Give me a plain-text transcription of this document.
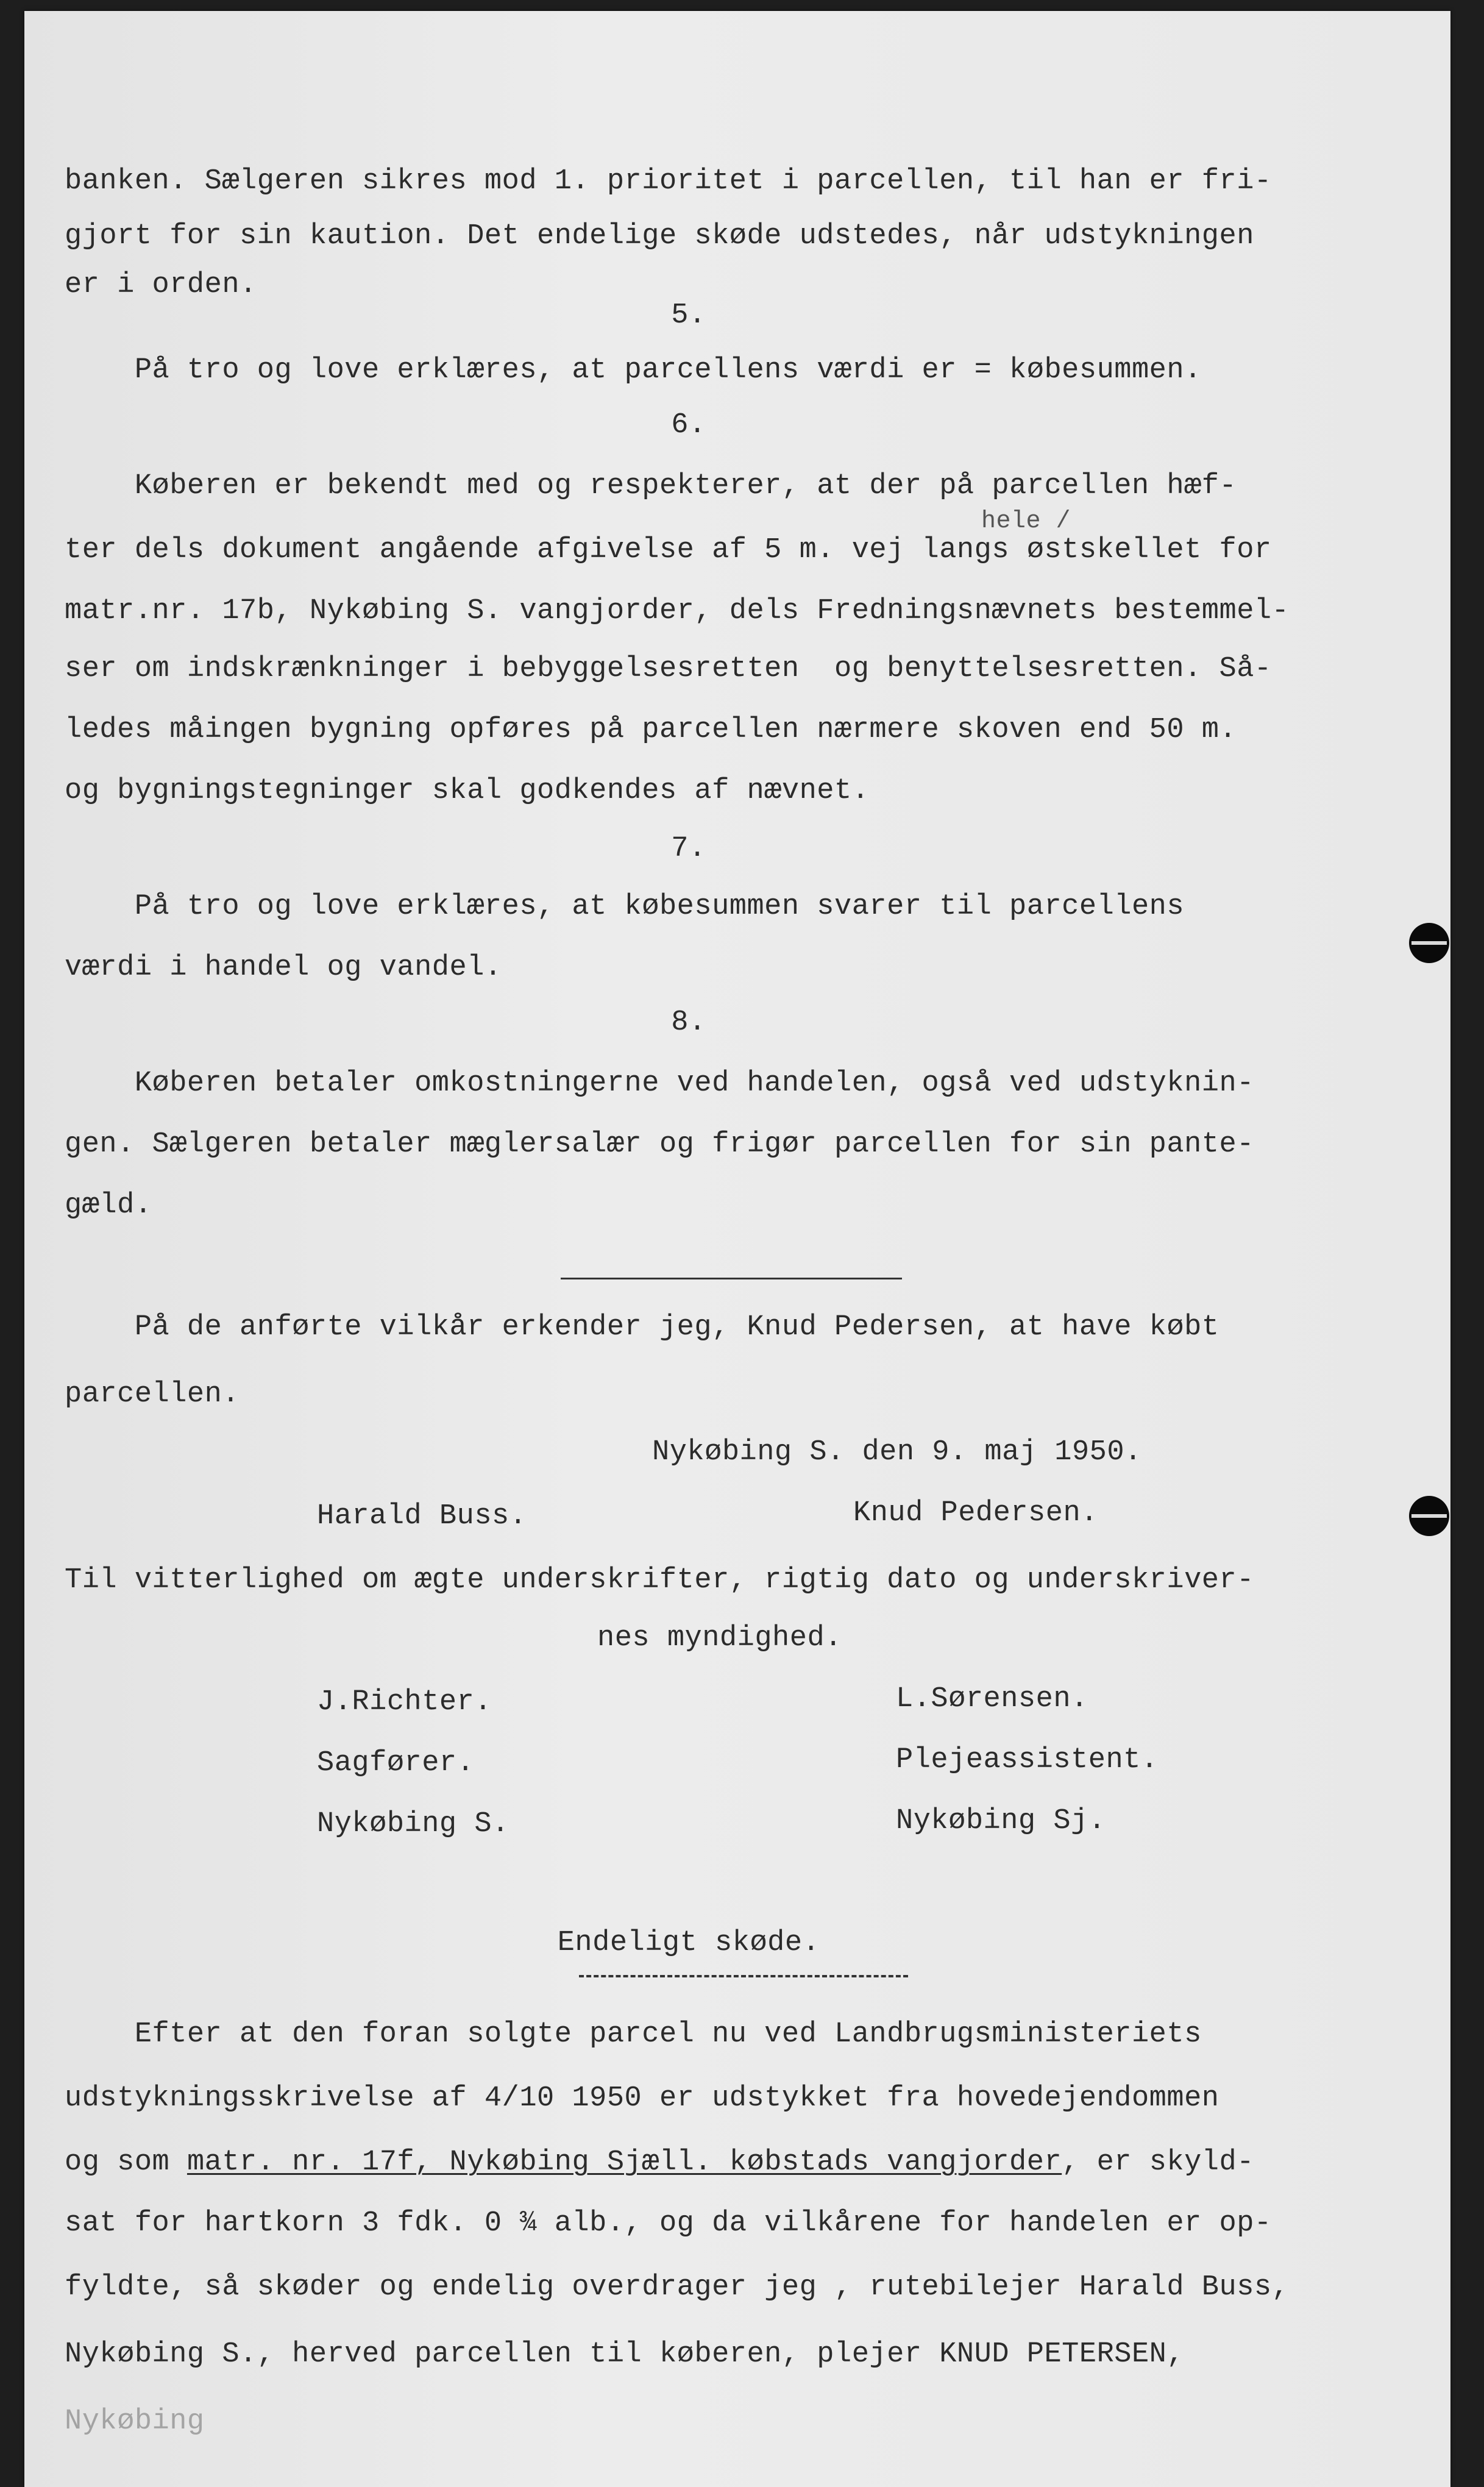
banken. Sælgeren sikres mod 1. prioritet i parcellen, til han er fri-

gjort for sin kaution. Det endelige skøde udstedes, når udstykningen

er i orden.

5.

På tro og love erklæres, at parcellens værdi er = købesummen.

6.

Køberen er bekendt med og respekterer, at der på parcellen hæf-

hele /

ter dels dokument angående afgivelse af 5 m. vej langs østskellet for

matr.nr. 17b, Nykøbing S. vangjorder, dels Fredningsnævnets bestemmel-

ser om indskrænkninger i bebyggelsesretten  og benyttelsesretten. Så-

ledes måingen bygning opføres på parcellen nærmere skoven end 50 m.

og bygningstegninger skal godkendes af nævnet.

7.

På tro og love erklæres, at købesummen svarer til parcellens

værdi i handel og vandel.

8.

Køberen betaler omkostningerne ved handelen, også ved udstyknin-

gen. Sælgeren betaler mæglersalær og frigør parcellen for sin pante-

gæld.

På de anførte vilkår erkender jeg, Knud Pedersen, at have købt

parcellen.

Nykøbing S. den 9. maj 1950.

Harald Buss.	Knud Pedersen.

Til vitterlighed om ægte underskrifter, rigtig dato og underskriver-

nes myndighed.

J.Richter.	L.Sørensen.

Sagfører.	Plejeassistent.

Nykøbing S.	Nykøbing Sj.

Endeligt skøde.

Efter at den foran solgte parcel nu ved Landbrugsministeriets

udstykningsskrivelse af 4/10 1950 er udstykket fra hovedejendommen

og som matr. nr. 17f, Nykøbing Sjæll. købstads vangjorder, er skyld-

sat for hartkorn 3 fdk. 0 ¾ alb., og da vilkårene for handelen er op-

fyldte, så skøder og endelig overdrager jeg , rutebilejer Harald Buss,

Nykøbing S., herved parcellen til køberen, plejer KNUD PETERSEN,

Nykøbing
